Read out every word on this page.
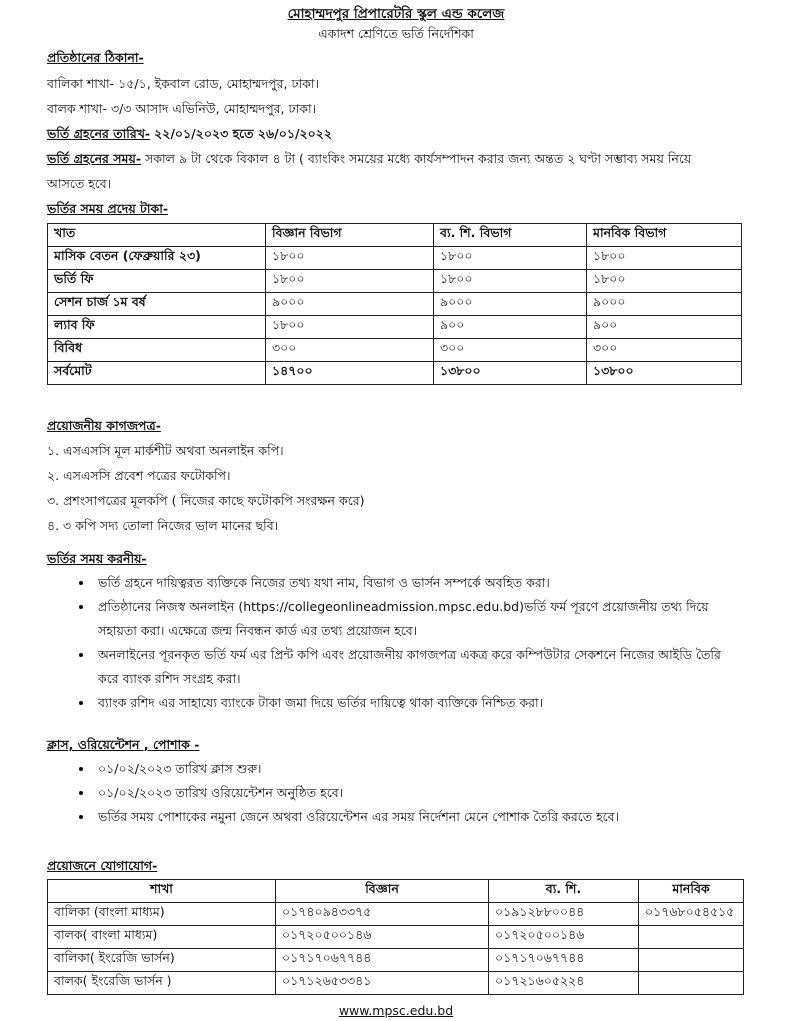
মোহাম্মদপুর প্রিপারেটরি স্কুল এন্ড কলেজ
একাদশ শ্রেণিতে ভর্তি নির্দেশিকা
প্রতিষ্ঠানের ঠিকানা-
বালিকা শাখা- ১৫/১, ইকবাল রোড, মোহাম্মদপুর, ঢাকা।
বালক শাখা- ৩/৩ আসাদ এভিনিউ, মোহাম্মদপুর, ঢাকা।
ভর্তি গ্রহনের তারিখ- ২২/০১/২০২৩ হতে ২৬/০১/২০২২
ভর্তি গ্রহনের সময়- সকাল ৯ টা থেকে বিকাল ৪ টা ( ব্যাংকিং সময়ের মধ্যে কার্যসম্পাদন করার জন্য অন্তত ২ ঘণ্টা সম্ভাব্য সময় নিয়ে
আসতে হবে।
ভর্তির সময় প্রদেয় টাকা-
খাত	বিজ্ঞান বিভাগ	ব্য. শি. বিভাগ	মানবিক বিভাগ
মাসিক বেতন (ফেব্রুয়ারি ২৩)	১৮০০	১৮০০	১৮০০
ভর্তি ফি	১৮০০	১৮০০	১৮০০
সেশন চার্জ ১ম বর্ষ	৯০০০	৯০০০	৯০০০
ল্যাব ফি	১৮০০	৯০০	৯০০
বিবিধ	৩০০	৩০০	৩০০
সর্বমোট	১৪৭০০	১৩৮০০	১৩৮০০
প্রয়োজনীয় কাগজপত্র-
১. এসএসসি মূল মার্কশীট অথবা অনলাইন কপি।
২. এসএসসি প্রবেশ পত্রের ফটোকপি।
৩. প্রশংসাপত্রের মূলকপি ( নিজের কাছে ফটোকপি সংরক্ষন করে)
৪. ৩ কপি সদ্য তোলা নিজের ভাল মানের ছবি।
ভর্তির সময় করনীয়-
• ভর্তি গ্রহনে দায়িত্বরত ব্যক্তিকে নিজের তথ্য যথা নাম, বিভাগ ও ভার্সন সম্পর্কে অবহিত করা।
• প্রতিষ্ঠানের নিজস্ব অনলাইন (https://collegeonlineadmission.mpsc.edu.bd)ভর্তি ফর্ম পূরণে প্রয়োজনীয় তথ্য দিয়ে সহায়তা করা। এক্ষেত্রে জন্ম নিবন্ধন কার্ড এর তথ্য প্রয়োজন হবে।
• অনলাইনের পূরনকৃত ভর্তি ফর্ম এর প্রিন্ট কপি এবং প্রয়োজনীয় কাগজপত্র একত্র করে কম্পিউটার সেকশনে নিজের আইডি তৈরি করে ব্যাংক রশিদ সংগ্রহ করা।
• ব্যাংক রশিদ এর সাহায্যে ব্যাংকে টাকা জমা দিয়ে ভর্তির দায়িত্বে থাকা ব্যক্তিকে নিশ্চিত করা।
ক্লাস, ওরিয়েন্টেশন , পোশাক -
• ০১/০২/২০২৩ তারিখ ক্লাস শুরু।
• ০১/০২/২০২৩ তারিখ ওরিয়েন্টেশন অনুষ্ঠিত হবে।
• ভর্তির সময় পোশাকের নমুনা জেনে অথবা ওরিয়েন্টেশন এর সময় নির্দেশনা মেনে পোশাক তৈরি করতে হবে।
প্রয়োজনে যোগাযোগ-
শাখা	বিজ্ঞান	ব্য. শি.	মানবিক
বালিকা (বাংলা মাধ্যম)	০১৭৪০৯৪৩৩৭৫	০১৯১২৮৮০০৪৪	০১৭৬৮০৫৪৫১৫
বালক( বাংলা মাধ্যম)	০১৭২০৫০০১৪৬	০১৭২০৫০০১৪৬	
বালিকা( ইংরেজি ভার্সন)	০১৭১৭০৬৭৭৪৪	০১৭১৭০৬৭৭৪৪	
বালক( ইংরেজি ভার্সন )	০১৭১২৬৫৩৩৪১	০১৭২১৬০৫২২৪	
www.mpsc.edu.bd
